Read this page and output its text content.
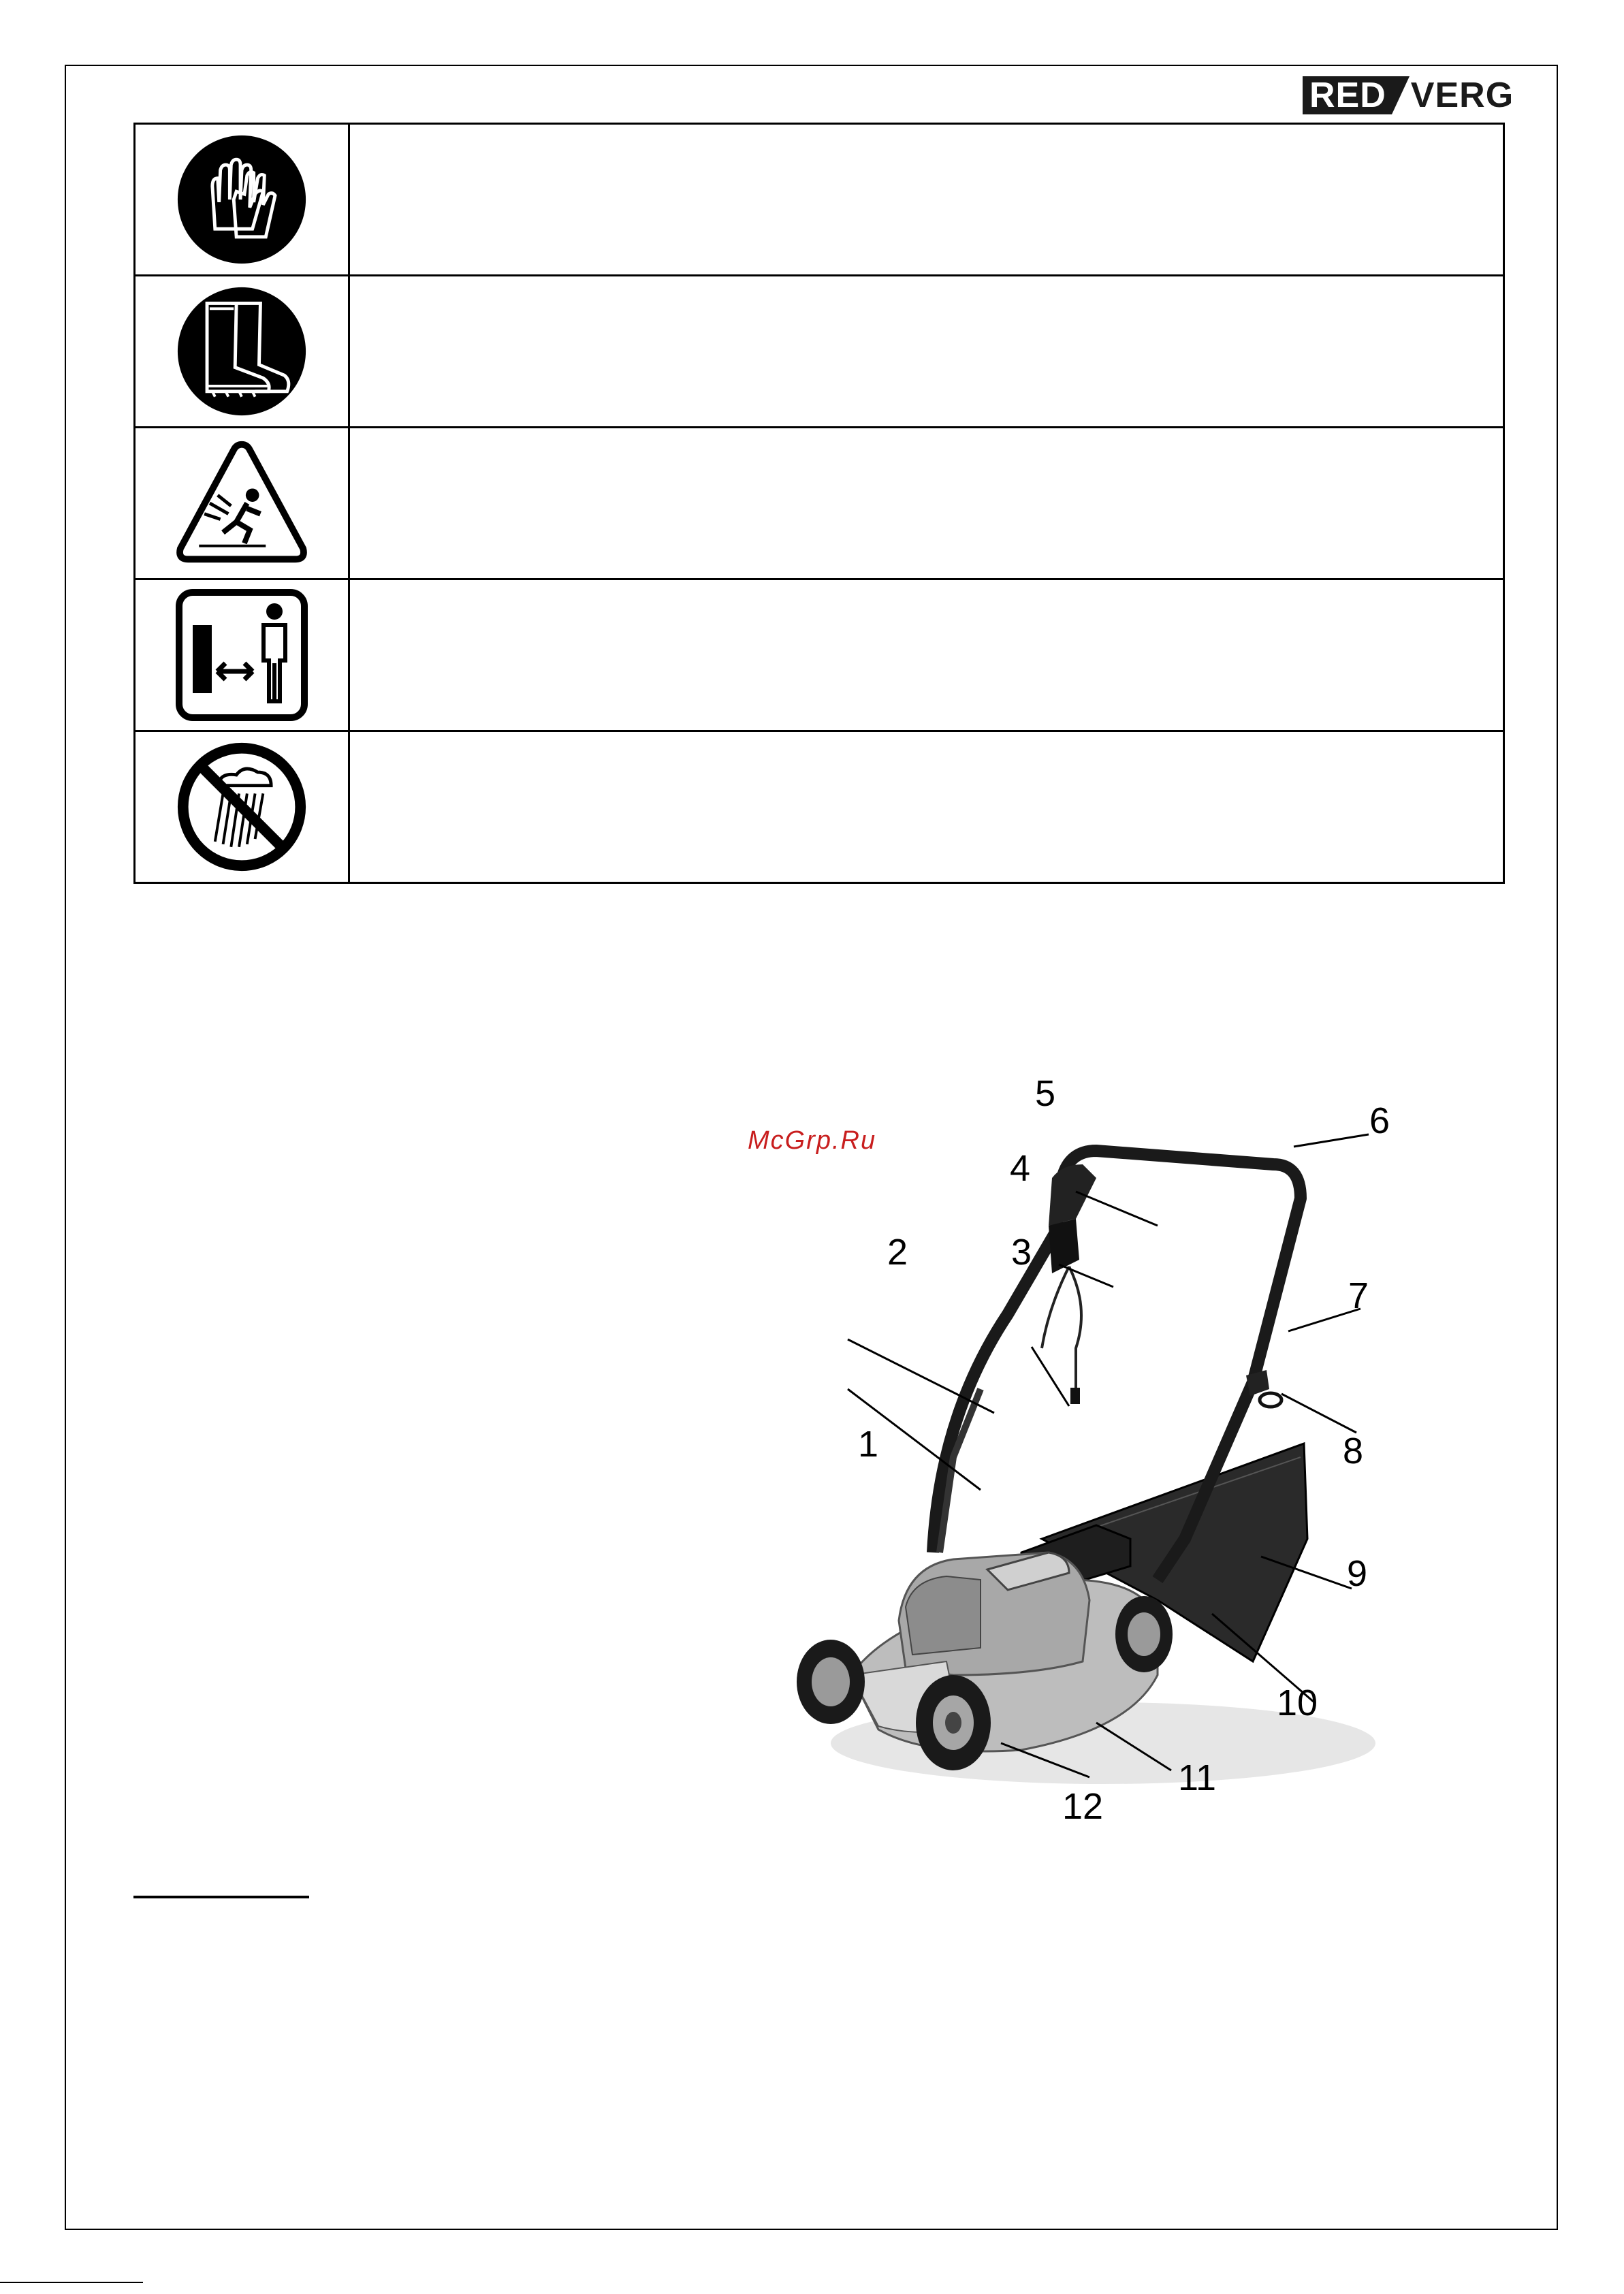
RED VERG

McGrp.Ru
1
2	3
4
5
6
7
8
9
10
11
12
